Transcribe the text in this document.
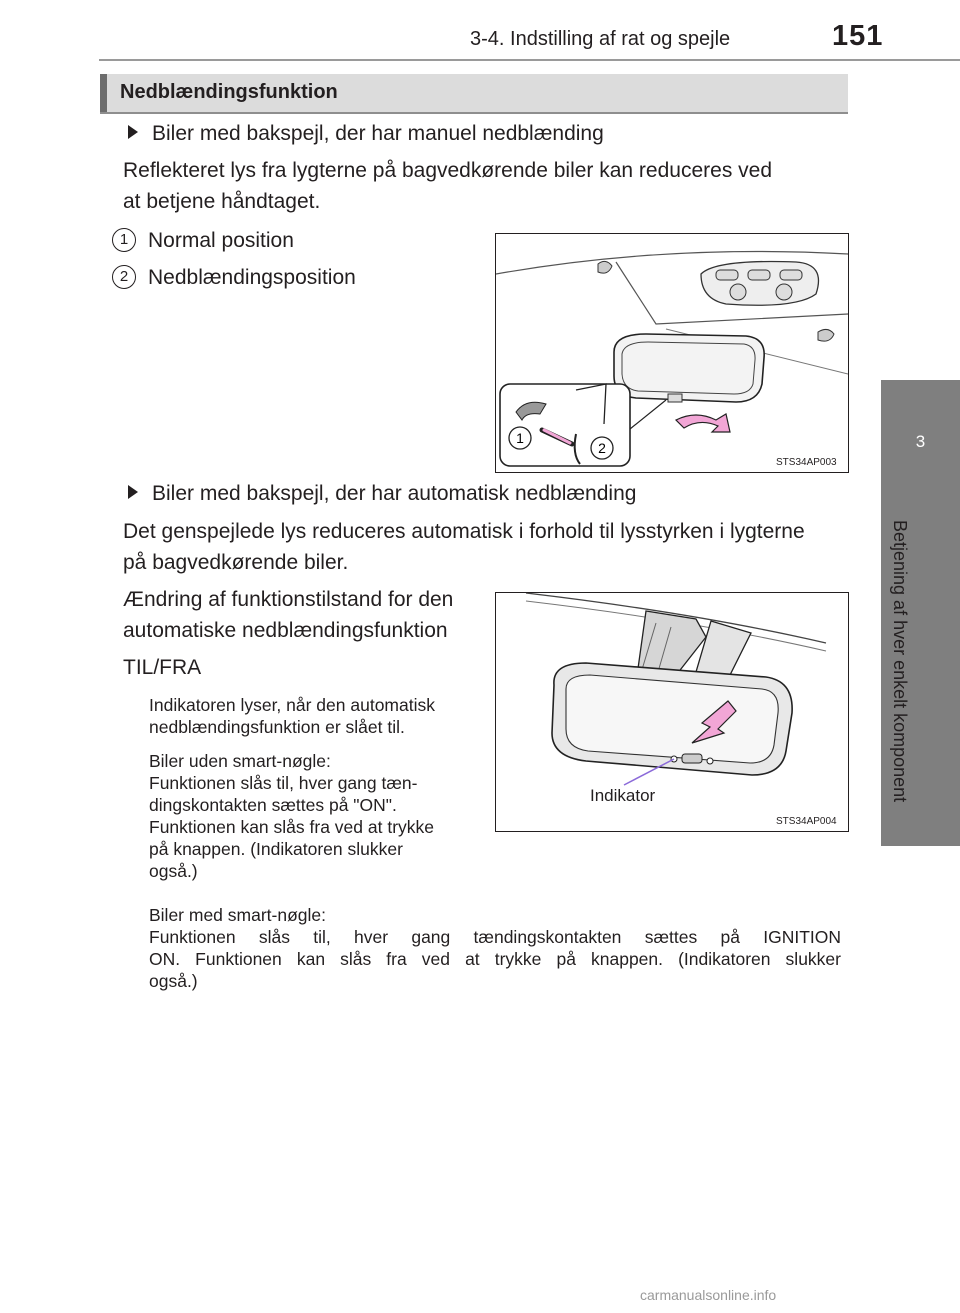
3-4. Indstilling af rat og spejle	151
3
Betjening af hver enkelt komponent
Nedblændingsfunktion
Biler med bakspejl, der har manuel nedblænding
Reflekteret lys fra lygterne på bagvedkørende biler kan reduceres ved
at betjene håndtaget.
1 Normal position
2 Nedblændingsposition
1
2
STS34AP003
Biler med bakspejl, der har automatisk nedblænding
Det genspejlede lys reduceres automatisk i forhold til lysstyrken i lygterne
på bagvedkørende biler.
Ændring af funktionstilstand for den
automatiske nedblændingsfunktion
TIL/FRA
Indikatoren lyser, når den automatisk
nedblændingsfunktion er slået til.
Biler uden smart-nøgle:
Funktionen slås til, hver gang tæn-
dingskontakten sættes på "ON".
Funktionen kan slås fra ved at trykke
på knappen. (Indikatoren slukker
også.)
Biler med smart-nøgle:
Funktionen slås til, hver gang tændingskontakten sættes på IGNITION
ON. Funktionen kan slås fra ved at trykke på knappen. (Indikatoren slukker
også.)
Indikator
STS34AP004
carmanualsonline.info
